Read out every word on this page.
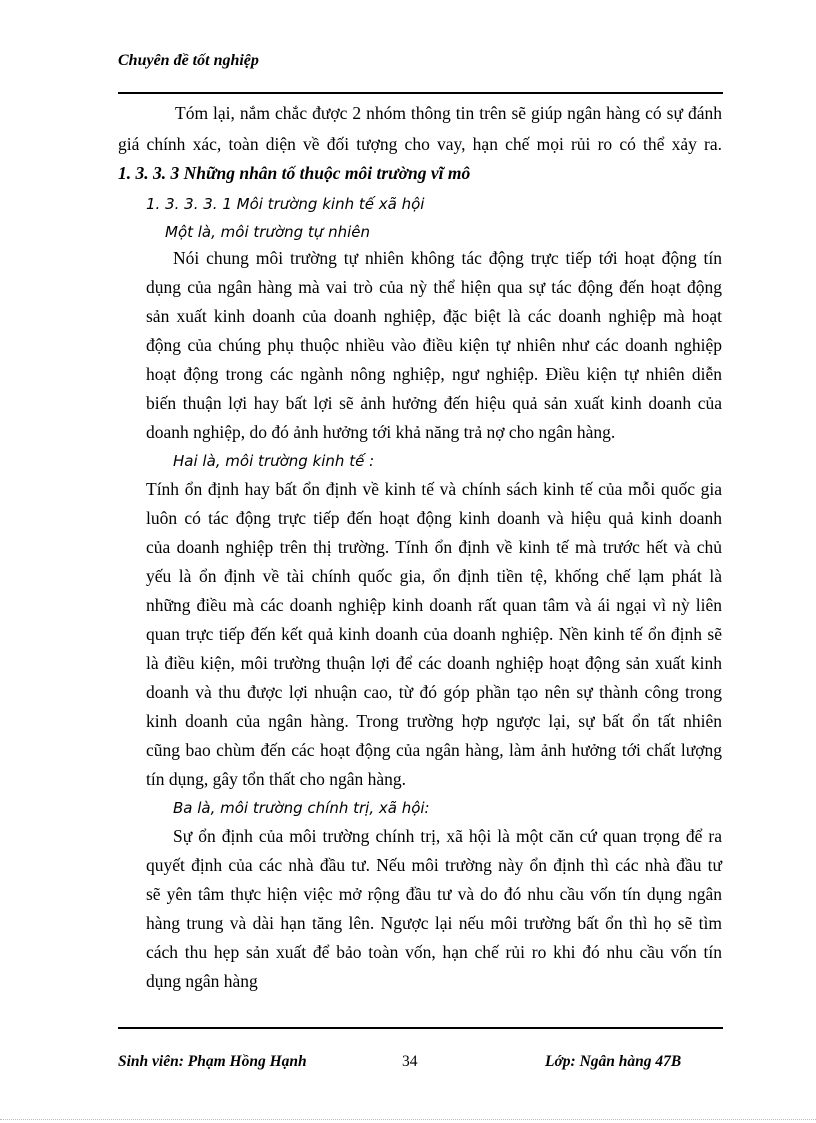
Chuyên đề tốt nghiệp
Tóm lại, nắm chắc được 2 nhóm thông tin trên sẽ giúp ngân hàng có sự đánh
giá chính xác, toàn diện về đối tượng cho vay, hạn chế mọi rủi ro có thể xảy ra.
1. 3. 3. 3 Những nhân tố thuộc môi trường vĩ mô
1. 3. 3. 3. 1 Môi trường kinh tế xã hội
Một là, môi trường tự nhiên
Nói chung môi trường tự nhiên không tác động trực tiếp tới hoạt động tín
dụng của ngân hàng mà vai trò của nỳ thể hiện qua sự tác động đến hoạt động
sản xuất kinh doanh của doanh nghiệp, đặc biệt là các doanh nghiệp mà hoạt
động của chúng phụ thuộc nhiều vào điều kiện tự nhiên như các doanh nghiệp
hoạt động trong các ngành nông nghiệp, ngư nghiệp. Điều kiện tự nhiên diễn
biến thuận lợi hay bất lợi sẽ ảnh hưởng đến hiệu quả sản xuất kinh doanh của
doanh nghiệp, do đó ảnh hưởng tới khả năng trả nợ cho ngân hàng.
Hai là, môi trường kinh tế :
Tính ổn định hay bất ổn định về kinh tế và chính sách kinh tế của mỗi quốc gia
luôn có tác động trực tiếp đến hoạt động kinh doanh và hiệu quả kinh doanh
của doanh nghiệp trên thị trường. Tính ổn định về kinh tế mà trước hết và chủ
yếu là ổn định về tài chính quốc gia, ổn định tiền tệ, khống chế lạm phát là
những điều mà các doanh nghiệp kinh doanh rất quan tâm và ái ngại vì nỳ liên
quan trực tiếp đến kết quả kinh doanh của doanh nghiệp. Nền kinh tế ổn định sẽ
là điều kiện, môi trường thuận lợi để các doanh nghiệp hoạt động sản xuất kinh
doanh và thu được lợi nhuận cao, từ đó góp phần tạo nên sự thành công trong
kinh doanh của ngân hàng. Trong trường hợp ngược lại, sự bất ổn tất nhiên
cũng bao chùm đến các hoạt động của ngân hàng, làm ảnh hưởng tới chất lượng
tín dụng, gây tổn thất cho ngân hàng.
Ba là, môi trường chính trị, xã hội:
Sự ổn định của môi trường chính trị, xã hội là một căn cứ quan trọng để ra
quyết định của các nhà đầu tư. Nếu môi trường này ổn định thì các nhà đầu tư
sẽ yên tâm thực hiện việc mở rộng đầu tư và do đó nhu cầu vốn tín dụng ngân
hàng trung và dài hạn tăng lên. Ngược lại nếu môi trường bất ổn thì họ sẽ tìm
cách thu hẹp sản xuất để bảo toàn vốn, hạn chế rủi ro khi đó nhu cầu vốn tín
dụng ngân hàng
Sinh viên: Phạm Hồng Hạnh	34	Lớp: Ngân hàng 47B
